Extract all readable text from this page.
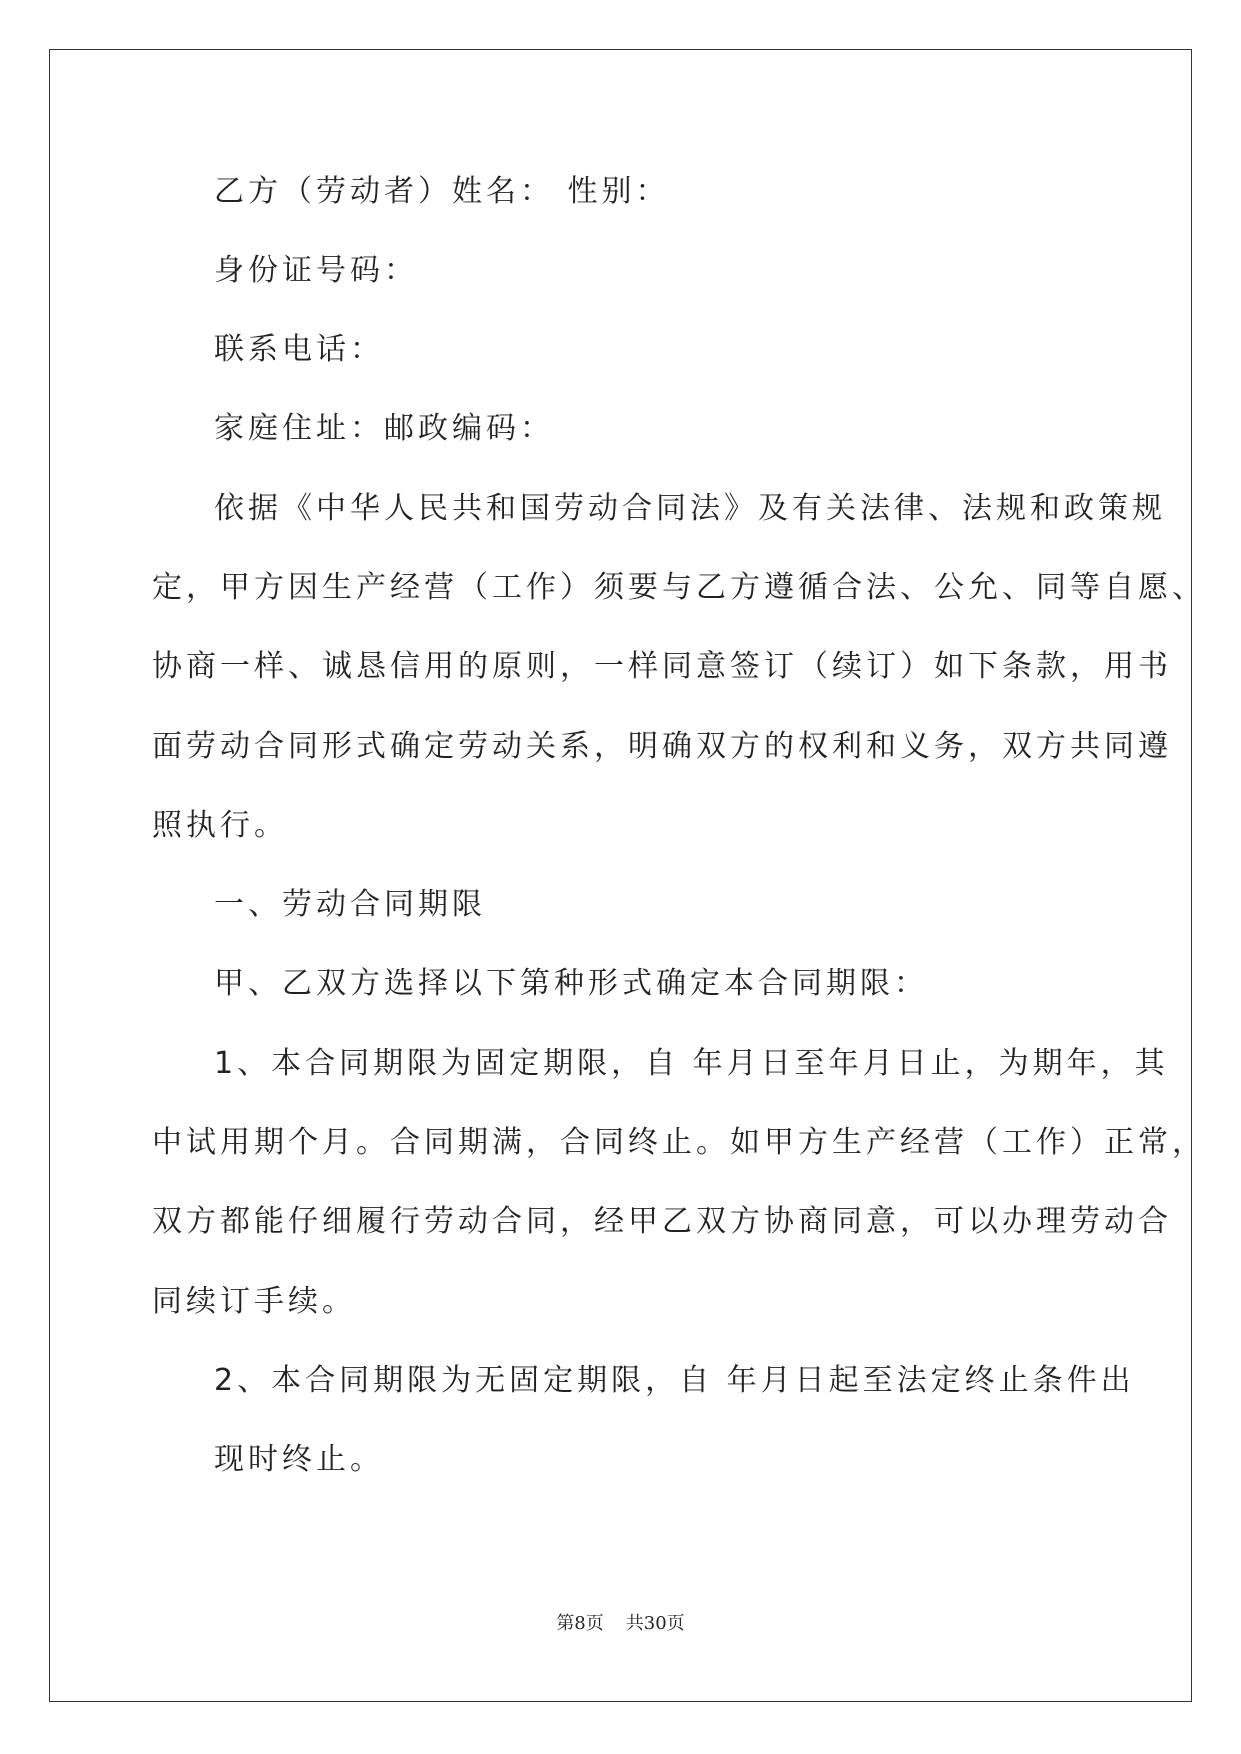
乙方（劳动者）姓名： 性别：
身份证号码：
联系电话：
家庭住址：邮政编码：
依据《中华人民共和国劳动合同法》及有关法律、法规和政策规
定，甲方因生产经营（工作）须要与乙方遵循合法、公允、同等自愿、
协商一样、诚恳信用的原则，一样同意签订（续订）如下条款，用书
面劳动合同形式确定劳动关系，明确双方的权利和义务，双方共同遵
照执行。
一、劳动合同期限
甲、乙双方选择以下第种形式确定本合同期限：
1、本合同期限为固定期限，自 年月日至年月日止，为期年，其
中试用期个月。合同期满，合同终止。如甲方生产经营（工作）正常，
双方都能仔细履行劳动合同，经甲乙双方协商同意，可以办理劳动合
同续订手续。
2、本合同期限为无固定期限，自 年月日起至法定终止条件出
现时终止。
第8页 共30页
